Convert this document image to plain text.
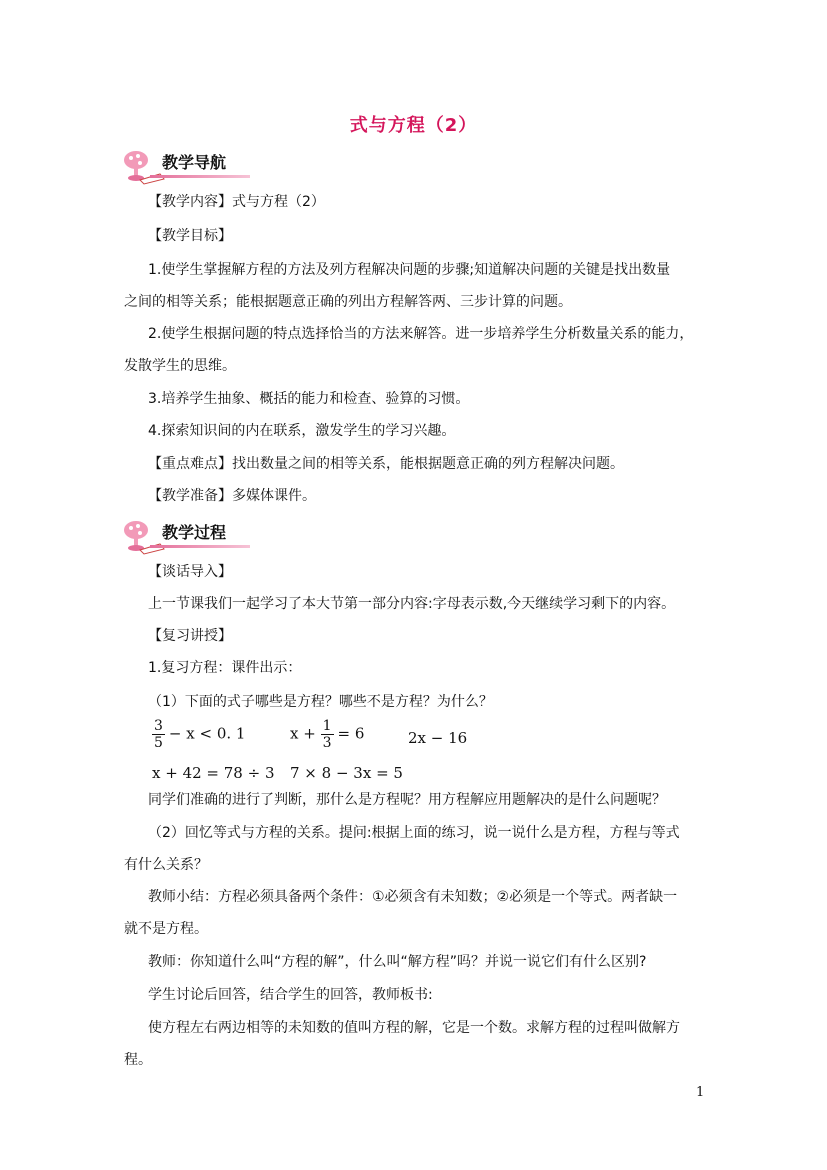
式与方程（2）
教学导航
【教学内容】式与方程（2）
【教学目标】
1.使学生掌握解方程的方法及列方程解决问题的步骤;知道解决问题的关键是找出数量
之间的相等关系；能根据题意正确的列出方程解答两、三步计算的问题。
2.使学生根据问题的特点选择恰当的方法来解答。进一步培养学生分析数量关系的能力，
发散学生的思维。
3.培养学生抽象、概括的能力和检查、验算的习惯。
4.探索知识间的内在联系，激发学生的学习兴趣。
【重点难点】找出数量之间的相等关系，能根据题意正确的列方程解决问题。
【教学准备】多媒体课件。
教学过程
【谈话导入】
上一节课我们一起学习了本大节第一部分内容:字母表示数,今天继续学习剩下的内容。
【复习讲授】
1.复习方程：课件出示：
（1）下面的式子哪些是方程？哪些不是方程？为什么？
$\frac{3}{5} - x < 0$. 1	$x + \frac{1}{3} = 6$	2x − 16
x + 42 = 78 ÷ 3 7 × 8 − 3x = 5
同学们准确的进行了判断，那什么是方程呢？用方程解应用题解决的是什么问题呢？
（2）回忆等式与方程的关系。提问:根据上面的练习，说一说什么是方程，方程与等式
有什么关系？
教师小结：方程必须具备两个条件：①必须含有未知数；②必须是一个等式。两者缺一
就不是方程。
教师：你知道什么叫“方程的解”，什么叫“解方程”吗？并说一说它们有什么区别?
学生讨论后回答，结合学生的回答，教师板书:
使方程左右两边相等的未知数的值叫方程的解，它是一个数。求解方程的过程叫做解方
程。
1
